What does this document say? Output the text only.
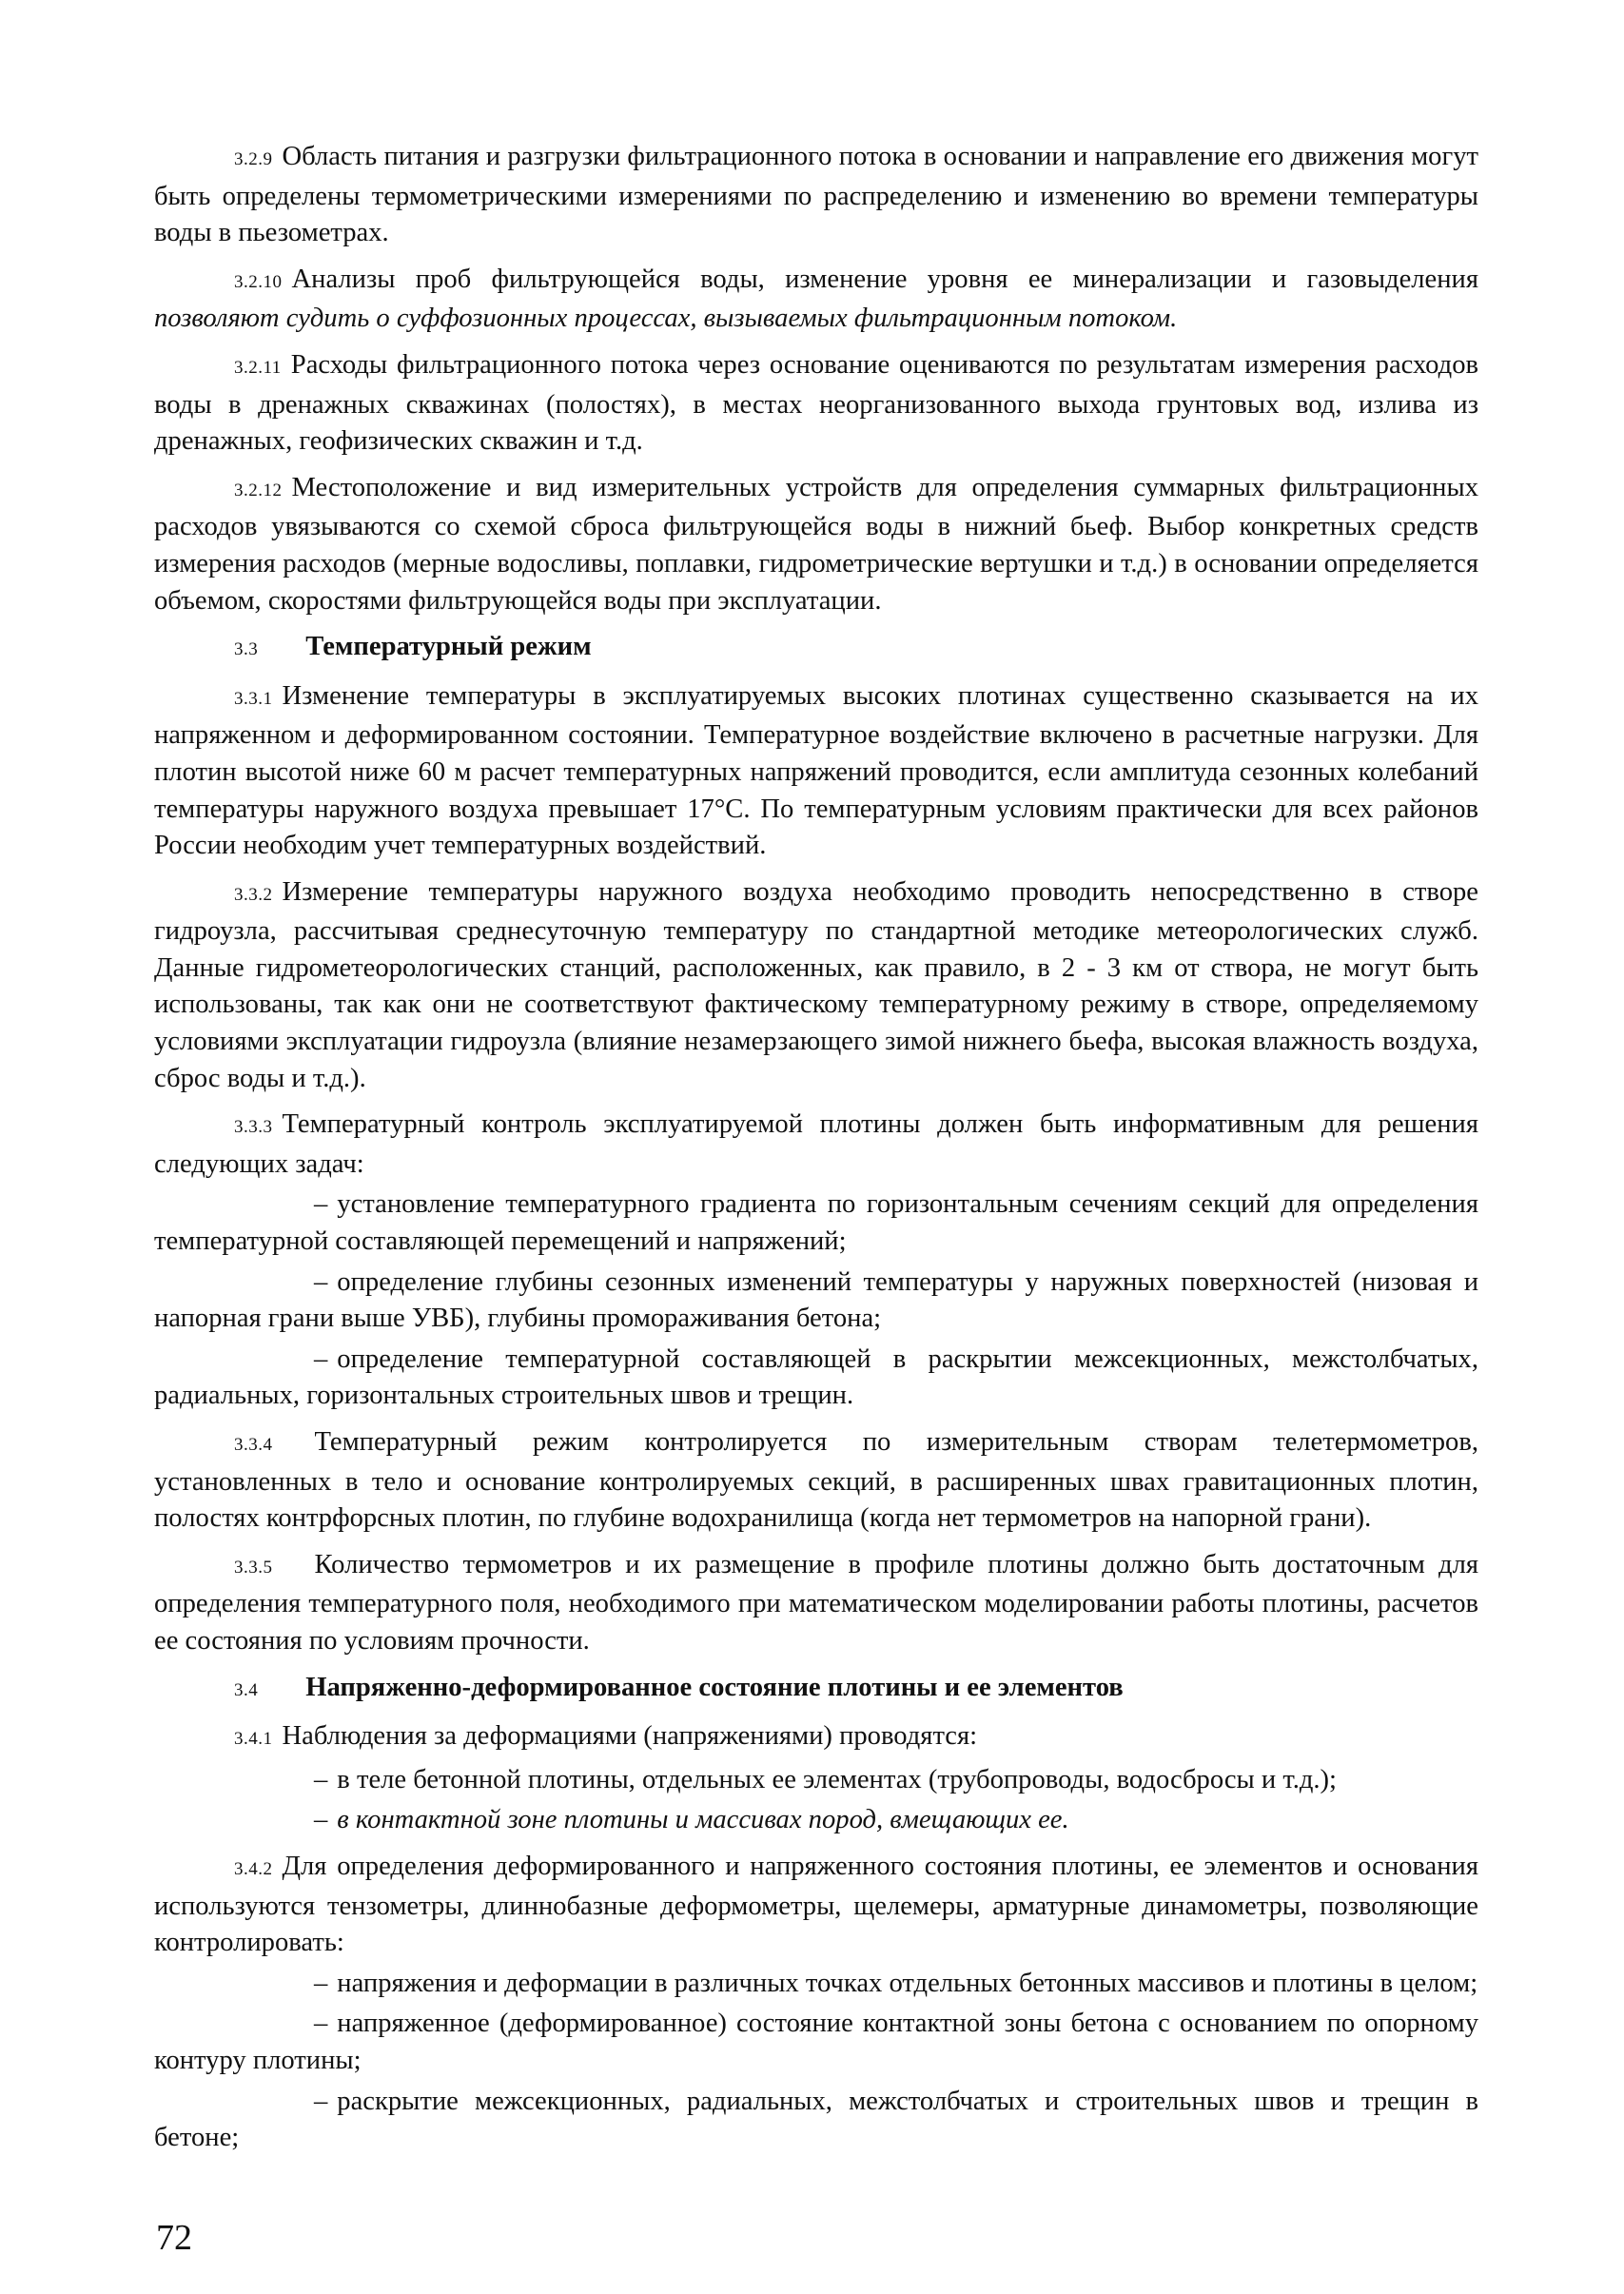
3.2.9 Область питания и разгрузки фильтрационного потока в основании и направление его движения могут быть определены термометрическими измерениями по распределению и изменению во времени температуры воды в пьезометрах.

3.2.10 Анализы проб фильтрующейся воды, изменение уровня ее минерализации и газовыделения позволяют судить о суффозионных процессах, вызываемых фильтрационным потоком.

3.2.11 Расходы фильтрационного потока через основание оцениваются по результатам измерения расходов воды в дренажных скважинах (полостях), в местах неорганизованного выхода грунтовых вод, излива из дренажных, геофизических скважин и т.д.

3.2.12 Местоположение и вид измерительных устройств для определения суммарных фильтрационных расходов увязываются со схемой сброса фильтрующейся воды в нижний бьеф. Выбор конкретных средств измерения расходов (мерные водосливы, поплавки, гидрометрические вертушки и т.д.) в основании определяется объемом, скоростями фильтрующейся воды при эксплуатации.

3.3 Температурный режим

3.3.1 Изменение температуры в эксплуатируемых высоких плотинах существенно сказывается на их напряженном и деформированном состоянии. Температурное воздействие включено в расчетные нагрузки. Для плотин высотой ниже 60 м расчет температурных напряжений проводится, если амплитуда сезонных колебаний температуры наружного воздуха превышает 17°С. По температурным условиям практически для всех районов России необходим учет температурных воздействий.

3.3.2 Измерение температуры наружного воздуха необходимо проводить непосредственно в створе гидроузла, рассчитывая среднесуточную температуру по стандартной методике метеорологических служб. Данные гидрометеорологических станций, расположенных, как правило, в 2 - 3 км от створа, не могут быть использованы, так как они не соответствуют фактическому температурному режиму в створе, определяемому условиями эксплуатации гидроузла (влияние незамерзающего зимой нижнего бьефа, высокая влажность воздуха, сброс воды и т.д.).

3.3.3 Температурный контроль эксплуатируемой плотины должен быть информативным для решения следующих задач:

– установление температурного градиента по горизонтальным сечениям секций для определения температурной составляющей перемещений и напряжений;

– определение глубины сезонных изменений температуры у наружных поверхностей (низовая и напорная грани выше УВБ), глубины промораживания бетона;

– определение температурной составляющей в раскрытии межсекционных, межстолбчатых, радиальных, горизонтальных строительных швов и трещин.

3.3.4 Температурный режим контролируется по измерительным створам телетермометров, установленных в тело и основание контролируемых секций, в расширенных швах гравитационных плотин, полостях контрфорсных плотин, по глубине водохранилища (когда нет термометров на напорной грани).

3.3.5 Количество термометров и их размещение в профиле плотины должно быть достаточным для определения температурного поля, необходимого при математическом моделировании работы плотины, расчетов ее состояния по условиям прочности.

3.4 Напряженно-деформированное состояние плотины и ее элементов

3.4.1 Наблюдения за деформациями (напряжениями) проводятся:

– в теле бетонной плотины, отдельных ее элементах (трубопроводы, водосбросы и т.д.);

– в контактной зоне плотины и массивах пород, вмещающих ее.

3.4.2 Для определения деформированного и напряженного состояния плотины, ее элементов и основания используются тензометры, длиннобазные деформометры, щелемеры, арматурные динамометры, позволяющие контролировать:

– напряжения и деформации в различных точках отдельных бетонных массивов и плотины в целом;

– напряженное (деформированное) состояние контактной зоны бетона с основанием по опорному контуру плотины;

– раскрытие межсекционных, радиальных, межстолбчатых и строительных швов и трещин в бетоне;

72
